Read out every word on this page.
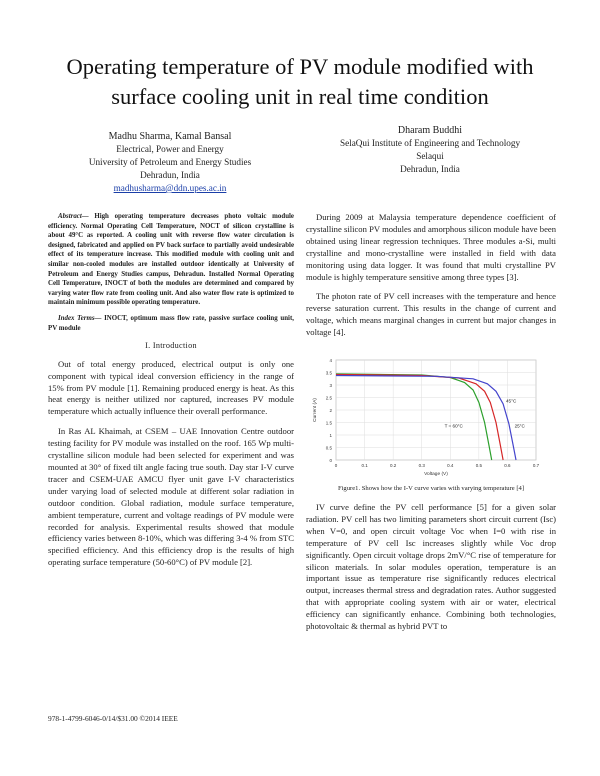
Operating temperature of PV module modified with surface cooling unit in real time condition
Madhu Sharma, Kamal Bansal
Electrical, Power and Energy
University of Petroleum and Energy Studies
Dehradun, India
madhusharma@ddn.upes.ac.in
Dharam Buddhi
SelaQui Institute of Engineering and Technology
Selaqui
Dehradun, India

Abstract— High operating temperature decreases photo voltaic module efficiency. Normal Operating Cell Temperature, NOCT of silicon crystalline is about 49°C as reported. A cooling unit with reverse flow water circulation is designed, fabricated and applied on PV back surface to partially avoid undesirable effect of its temperature increase. This modified module with cooling unit and similar non-cooled modules are installed outdoor identically at University of Petroleum and Energy Studies campus, Dehradun. Installed Normal Operating Cell Temperature, INOCT of both the modules are determined and compared by varying water flow rate from cooling unit. And also water flow rate is optimized to maintain minimum possible operating temperature.

Index Terms— INOCT, optimum mass flow rate, passive surface cooling unit, PV module

I. Introduction

Out of total energy produced, electrical output is only one component with typical ideal conversion efficiency in the range of 15% from PV module [1]. Remaining produced energy is heat. As this heat energy is neither utilized nor captured, increases PV module temperature which actually influence their overall performance.

In Ras AL Khaimah, at CSEM – UAE Innovation Centre outdoor testing facility for PV module was installed on the roof. 165 Wp multi-crystalline silicon module had been selected for experiment and was mounted at 30° of fixed tilt angle facing true south. Day star I-V curve tracer and CSEM-UAE AMCU flyer unit gave I-V characteristics under varying load of selected module at different solar radiation in outdoor condition. Global radiation, module surface temperature, ambient temperature, current and voltage readings of PV module were recorded for analysis. Experimental results showed that module efficiency varies between 8-10%, which was differing 3-4 % from STC specified efficiency. And this efficiency drop is the results of high operating surface temperature (50-60°C) of PV module [2].

During 2009 at Malaysia temperature dependence coefficient of crystalline silicon PV modules and amorphous silicon module have been obtained using linear regression techniques. Three modules a-Si, multi crystalline and mono-crystalline were installed in field with data monitoring using data logger. It was found that multi crystalline PV module is highly temperature sensitive among three types [3].

The photon rate of PV cell increases with the temperature and hence reverse saturation current. This results in the change of current and voltage, which means marginal changes in current but major changes in voltage [4].

0
0.5
1
1.5
2
2.5
3
3.5
4
0	0.1	0.2	0.3	0.4	0.5	0.6	0.7
Voltage (V)
Current (A)	45°C
25°C
T = 60°C
Figure1. Shows how the I-V curve varies with varying temperature [4]

IV curve define the PV cell performance [5] for a given solar radiation. PV cell has two limiting parameters short circuit current (Isc) when V=0, and open circuit voltage Voc when I=0 with rise in temperature of PV cell Isc increases slightly while Voc drop significantly. Open circuit voltage drops 2mV/°C rise of temperature for silicon materials. In solar modules operation, temperature is an important issue as temperature rise significantly reduces electrical output, increases thermal stress and degradation rates. Author suggested that with appropriate cooling system with air or water, electrical efficiency can significantly enhance. Combining both technologies, photovoltaic & thermal as hybrid PVT to

978-1-4799-6046-0/14/$31.00 ©2014 IEEE
